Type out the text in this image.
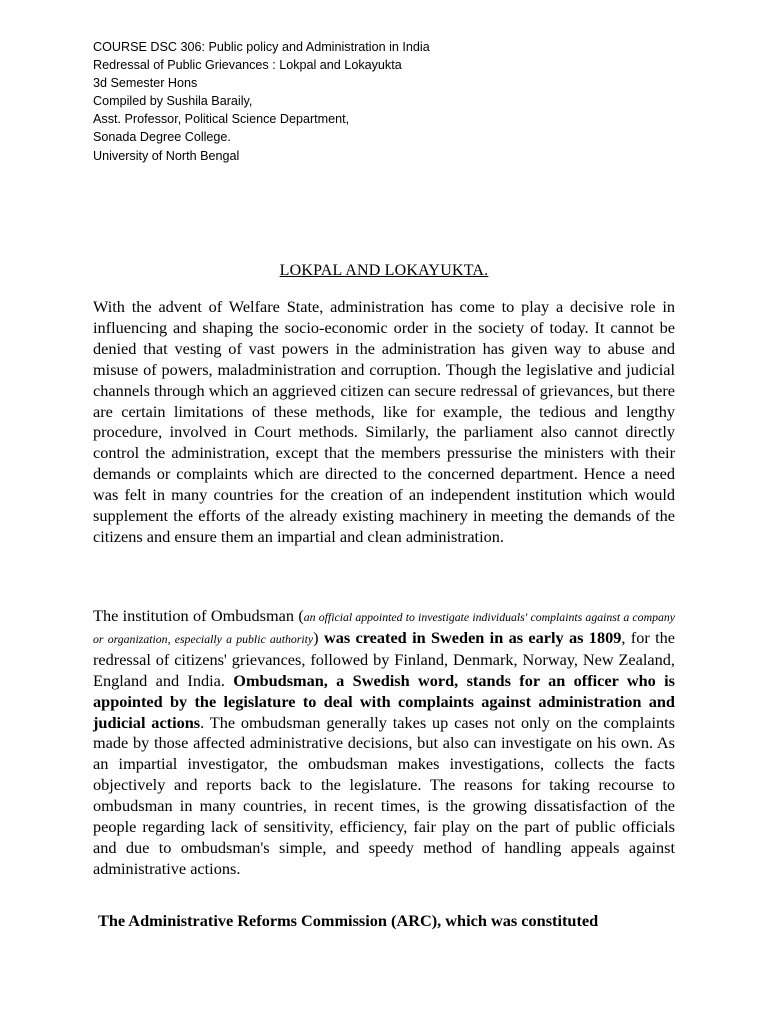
COURSE DSC 306: Public policy and Administration in India
Redressal of Public Grievances : Lokpal and Lokayukta
3d Semester Hons
Compiled by Sushila Baraily,
Asst. Professor, Political Science Department,
Sonada Degree College.
University of North Bengal
LOKPAL AND LOKAYUKTA.

With the advent of Welfare State, administration has come to play a decisive role in influencing and shaping the socio-economic order in the society of today. It cannot be denied that vesting of vast powers in the administration has given way to abuse and misuse of powers, maladministration and corruption. Though the legislative and judicial channels through which an aggrieved citizen can secure redressal of grievances, but there are certain limitations of these methods, like for example, the tedious and lengthy procedure, involved in Court methods. Similarly, the parliament also cannot directly control the administration, except that the members pressurise the ministers with their demands or complaints which are directed to the concerned department. Hence a need was felt in many countries for the creation of an independent institution which would supplement the efforts of the already existing machinery in meeting the demands of the citizens and ensure them an impartial and clean administration.

The institution of Ombudsman (an official appointed to investigate individuals' complaints against a company or organization, especially a public authority) was created in Sweden in as early as 1809, for the redressal of citizens' grievances, followed by Finland, Denmark, Norway, New Zealand, England and India. Ombudsman, a Swedish word, stands for an officer who is appointed by the legislature to deal with complaints against administration and judicial actions. The ombudsman generally takes up cases not only on the complaints made by those affected administrative decisions, but also can investigate on his own. As an impartial investigator, the ombudsman makes investigations, collects the facts objectively and reports back to the legislature. The reasons for taking recourse to ombudsman in many countries, in recent times, is the growing dissatisfaction of the people regarding lack of sensitivity, efficiency, fair play on the part of public officials and due to ombudsman's simple, and speedy method of handling appeals against administrative actions.

The Administrative Reforms Commission (ARC), which was constituted
